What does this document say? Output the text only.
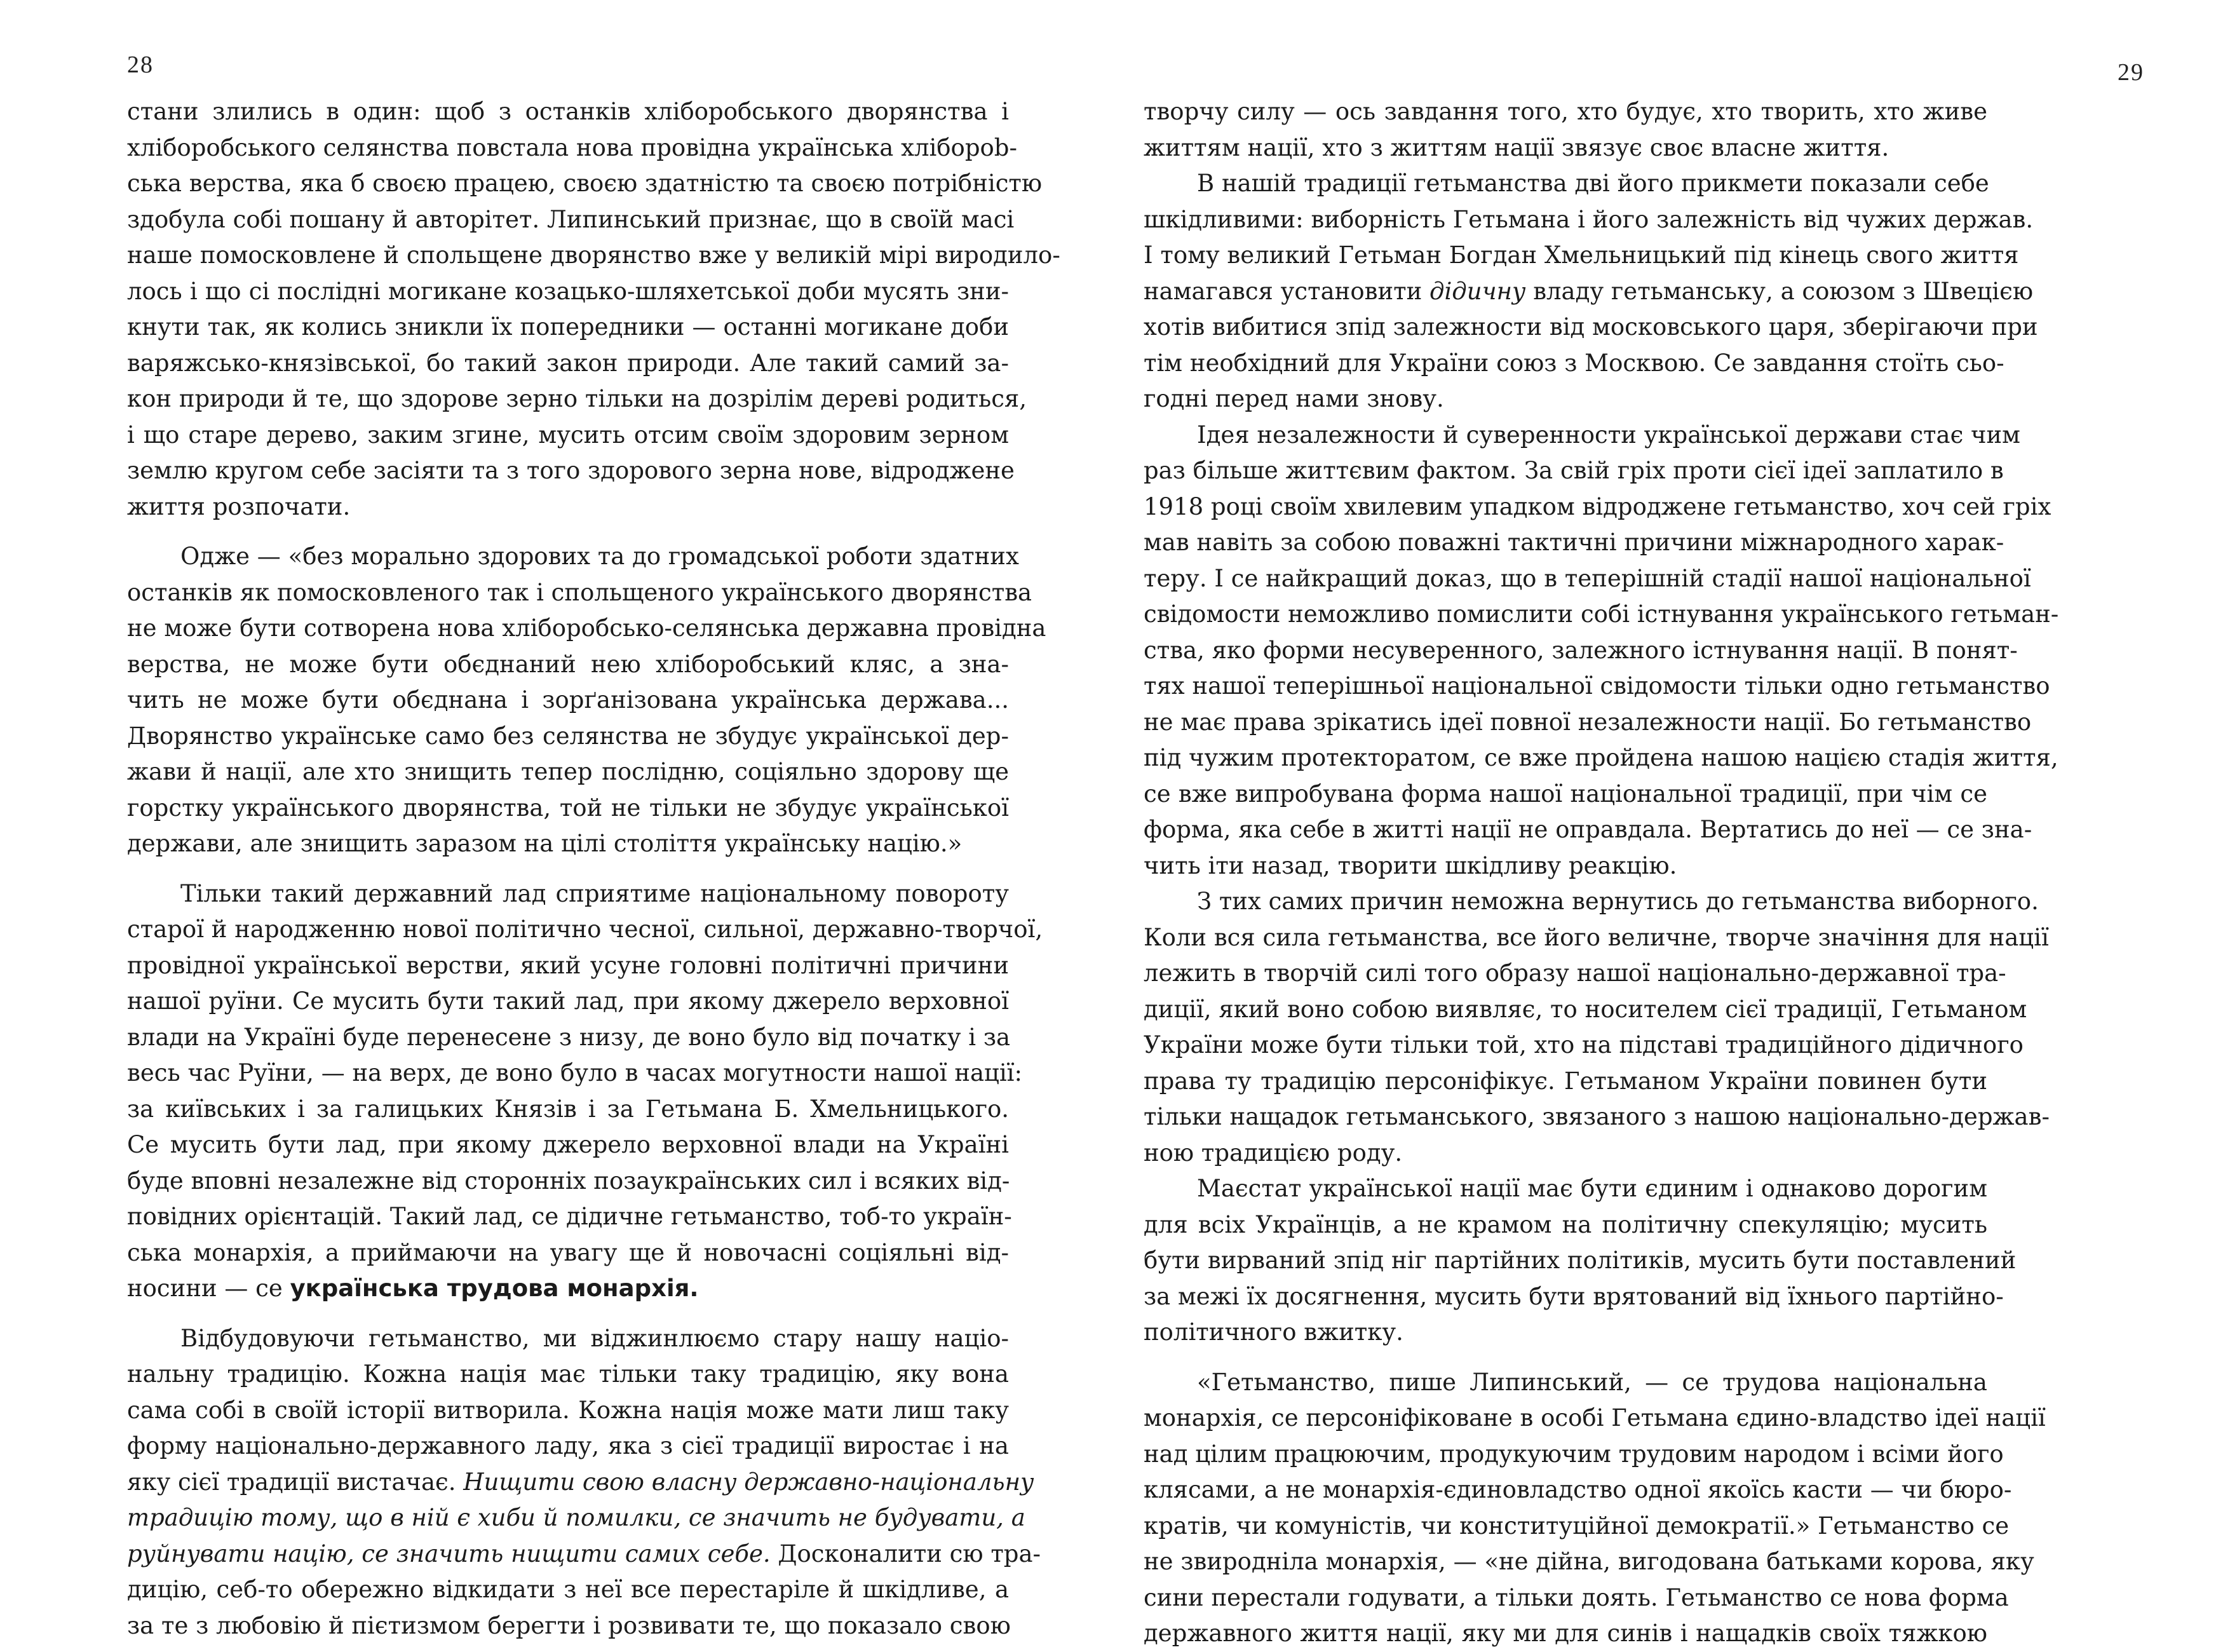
28
стани злились в один: щоб з останків хліборобського дворянства і
хліборобського селянства повстала нова провідна українська хліборob-
ська верства, яка б своєю працею, своєю здатністю та своєю потрібністю
здобула собі пошану й авторітет. Липинський признає, що в своїй масі
наше помосковлене й спольщене дворянство вже у великій мірі виродило-
лось і що сі послідні могикане козацько-шляхетської доби мусять зни-
кнути так, як колись зникли їх попередники — останні могикане доби
варяжсько-князівської, бо такий закон природи. Але такий самий за-
кон природи й те, що здорове зерно тільки на дозрілім дереві родиться,
і що старе дерево, заким згине, мусить отсим своїм здоровим зерном
землю кругом себе засіяти та з того здорового зерна нове, відроджене
життя розпочати.
Одже — «без морально здорових та до громадської роботи здатних
останків як помосковленого так і спольщеного українського дворянства
не може бути сотворена нова хліборобсько-селянська державна провідна
верства, не може бути обєднаний нею хліборобський кляс, а зна-
чить не може бути обєднана і зорґанізована українська держава...
Дворянство українське само без селянства не збудує української дер-
жави й нації, але хто знищить тепер послідню, соціяльно здорову ще
горстку українського дворянства, той не тільки не збудує української
держави, але знищить заразом на цілі століття українську націю.»
Тільки такий державний лад сприятиме національному повороту
старої й народженню нової політично чесної, сильної, державно-творчої,
провідної української верстви, який усуне головні політичні причини
нашої руїни. Се мусить бути такий лад, при якому джерело верховної
влади на Україні буде перенесене з низу, де воно було від початку і за
весь час Руїни, — на верх, де воно було в часах могутности нашої нації:
за київських і за галицьких Князів і за Гетьмана Б. Хмельницького.
Се мусить бути лад, при якому джерело верховної влади на Україні
буде вповні незалежне від сторонніх позаукраїнських сил і всяких від-
повідних орієнтацій. Такий лад, се дідичне гетьманство, тоб-то україн-
ська монархія, а приймаючи на увагу ще й новочасні соціяльні від-
носини — се українська трудова монархія.
Відбудовуючи гетьманство, ми віджинлюємо стару нашу націо-
нальну традицію. Кожна нація має тільки таку традицію, яку вона
сама собі в своїй історії витворила. Кожна нація може мати лиш таку
форму національно-державного ладу, яка з сієї традиції виростає і на
яку сієї традиції вистачає. Нищити свою власну державно-національну
традицію тому, що в ній є хиби й помилки, се значить не будувати, а
руйнувати націю, се значить нищити самих себе. Досконалити сю тра-
дицію, себ-то обережно відкидати з неї все перестаріле й шкідливе, а
за те з любовію й пієтизмом берегти і розвивати те, що показало свою
29
творчу силу — ось завдання того, хто будує, хто творить, хто живе
життям нації, хто з життям нації звязує своє власне життя.
В нашій традиції гетьманства дві його прикмети показали себе
шкідливими: виборність Гетьмана і його залежність від чужих держав.
І тому великий Гетьман Богдан Хмельницький під кінець свого життя
намагався установити дідичну владу гетьманську, а союзом з Швецією
хотів вибитися зпід залежности від московського царя, зберігаючи при
тім необхідний для України союз з Москвою. Се завдання стоїть сьо-
годні перед нами знову.
Ідея незалежности й суверенности української держави стає чим
раз більше життєвим фактом. За свій гріх проти сієї ідеї заплатило в
1918 році своїм хвилевим упадком відроджене гетьманство, хоч сей гріх
мав навіть за собою поважні тактичні причини міжнародного харак-
теру. І се найкращий доказ, що в теперішній стадії нашої національної
свідомости неможливо помислити собі істнування українського гетьман-
ства, яко форми несуверенного, залежного істнування нації. В понят-
тях нашої теперішньої національної свідомости тільки одно гетьманство
не має права зрікатись ідеї повної незалежности нації. Бо гетьманство
під чужим протекторатом, се вже пройдена нашою нацією стадія життя,
се вже випробувана форма нашої національної традиції, при чім се
форма, яка себе в житті нації не оправдала. Вертатись до неї — се зна-
чить іти назад, творити шкідливу реакцію.
З тих самих причин неможна вернутись до гетьманства виборного.
Коли вся сила гетьманства, все його величне, творче значіння для нації
лежить в творчій силі того образу нашої національно-державної тра-
диції, який воно собою виявляє, то носителем сієї традиції, Гетьманом
України може бути тільки той, хто на підставі традиційного дідичного
права ту традицію персоніфікує. Гетьманом України повинен бути
тільки нащадок гетьманського, звязаного з нашою національно-держав-
ною традицією роду.
Маєстат української нації має бути єдиним і однаково дорогим
для всіх Українців, а не крамом на політичну спекуляцію; мусить
бути вирваний зпід ніг партійних політиків, мусить бути поставлений
за межі їх досягнення, мусить бути врятований від їхнього партійно-
політичного вжитку.
«Гетьманство, пише Липинський, — се трудова національна
монархія, се персоніфіковане в особі Гетьмана єдино-владство ідеї нації
над цілим працюючим, продукуючим трудовим народом і всіми його
клясами, а не монархія-єдиновладство одної якоїсь касти — чи бюро-
кратів, чи комуністів, чи конституційної демократії.» Гетьманство се
не звироднілa монархія, — «не дійна, вигодована батьками корова, яку
сини перестали годувати, а тільки доять. Гетьманство се нова форма
державного життя нації, яку ми для синів і нащадків своїх тяжкою
